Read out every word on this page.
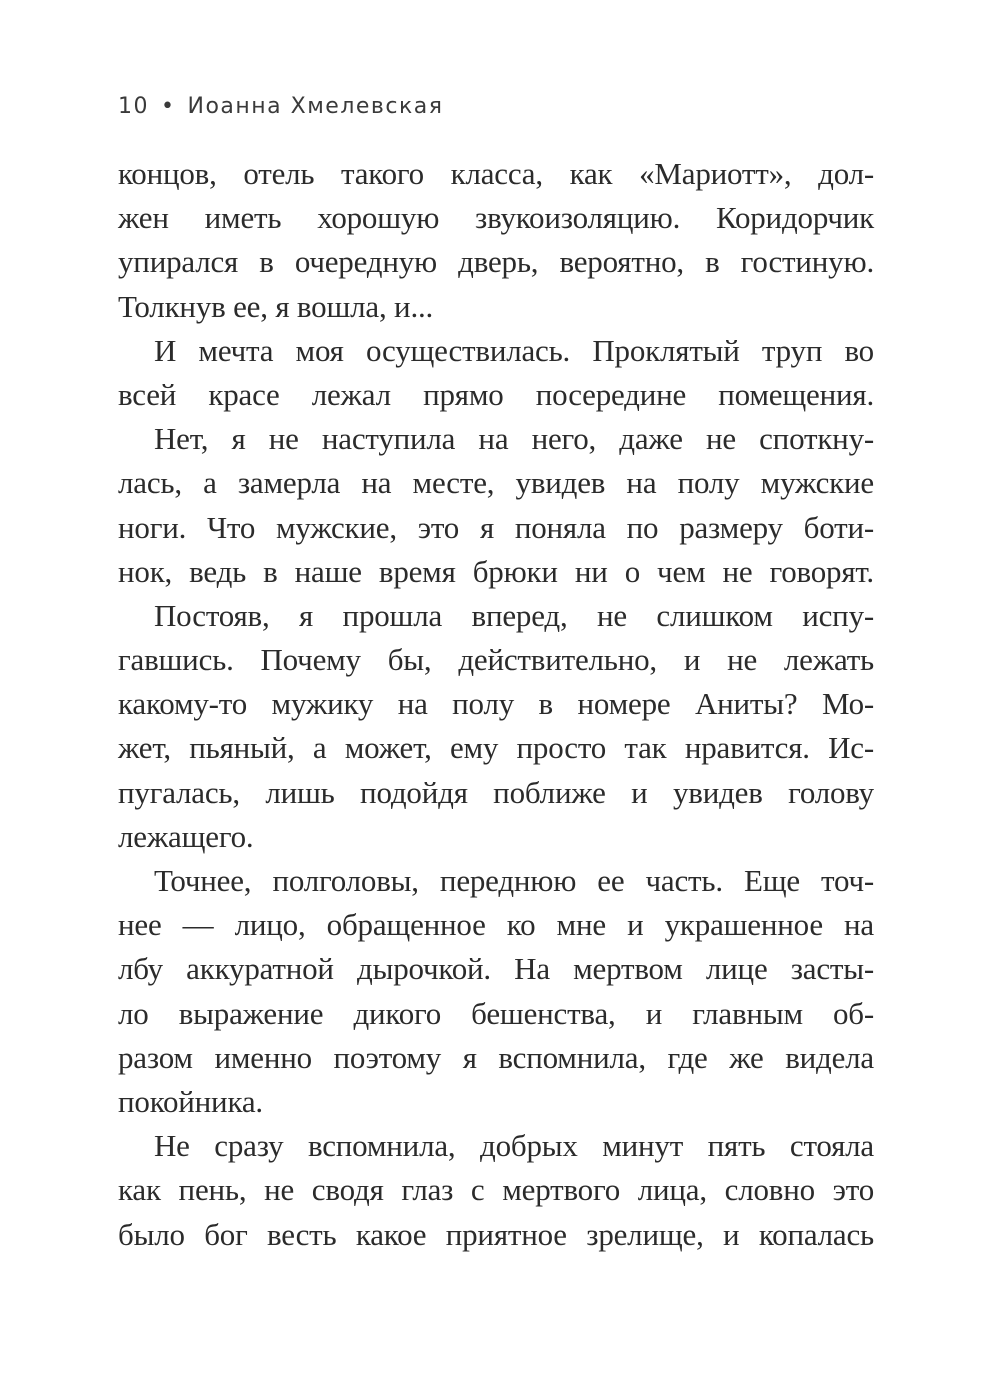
10 • Иоанна Хмелевская
концов, отель такого класса, как «Мариотт», дол-
жен иметь хорошую звукоизоляцию. Коридорчик
упирался в очередную дверь, вероятно, в гостиную.
Толкнув ее, я вошла, и...
И мечта моя осуществилась. Проклятый труп во
всей красе лежал прямо посередине помещения.
Нет, я не наступила на него, даже не споткну-
лась, а замерла на месте, увидев на полу мужские
ноги. Что мужские, это я поняла по размеру боти-
нок, ведь в наше время брюки ни о чем не говорят.
Постояв, я прошла вперед, не слишком испу-
гавшись. Почему бы, действительно, и не лежать
какому-то мужику на полу в номере Аниты? Мо-
жет, пьяный, а может, ему просто так нравится. Ис-
пугалась, лишь подойдя поближе и увидев голову
лежащего.
Точнее, полголовы, переднюю ее часть. Еще точ-
нее — лицо, обращенное ко мне и украшенное на
лбу аккуратной дырочкой. На мертвом лице засты-
ло выражение дикого бешенства, и главным об-
разом именно поэтому я вспомнила, где же видела
покойника.
Не сразу вспомнила, добрых минут пять стояла
как пень, не сводя глаз с мертвого лица, словно это
было бог весть какое приятное зрелище, и копалась
